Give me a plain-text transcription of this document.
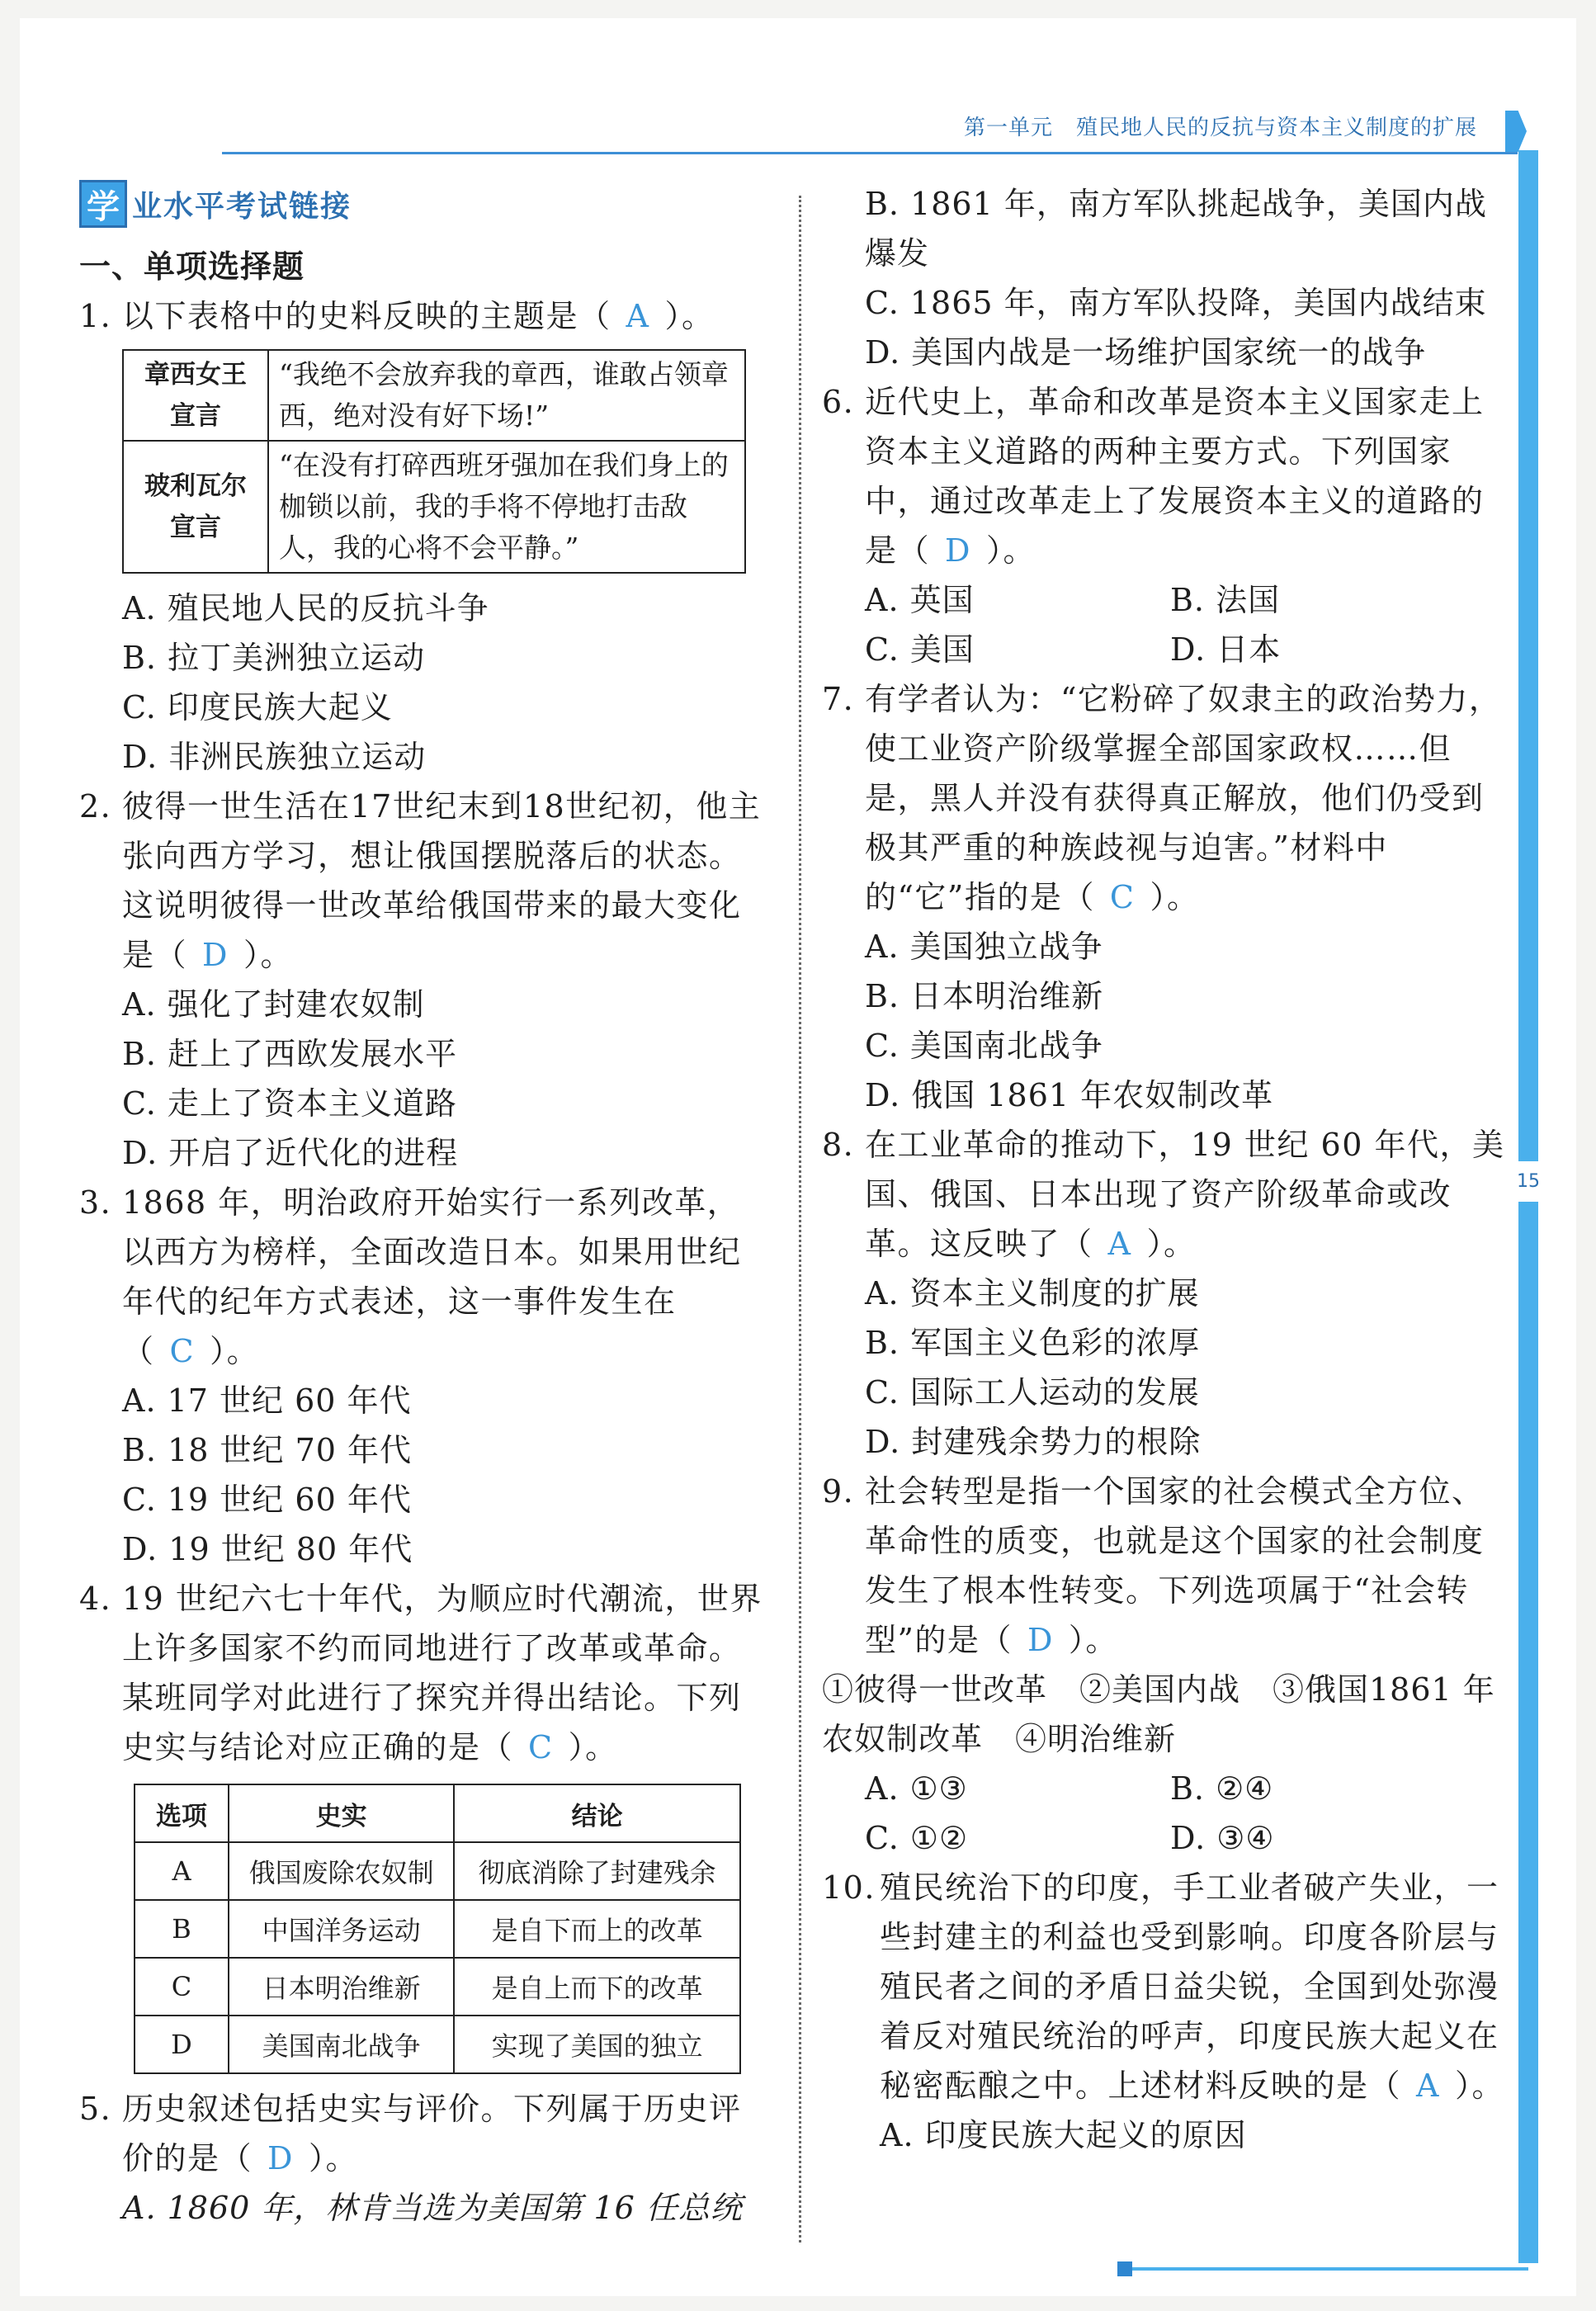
第一单元 殖民地人民的反抗与资本主义制度的扩展
15
学 业水平考试链接
一、单项选择题
1. 以下表格中的史料反映的主题是（ A ）。
章西女王宣言	“我绝不会放弃我的章西，谁敢占领章西，绝对没有好下场!”
玻利瓦尔宣言	“在没有打碎西班牙强加在我们身上的枷锁以前，我的手将不停地打击敌人，我的心将不会平静。”
A. 殖民地人民的反抗斗争
B. 拉丁美洲独立运动
C. 印度民族大起义
D. 非洲民族独立运动
2. 彼得一世生活在17世纪末到18世纪初，他主张向西方学习，想让俄国摆脱落后的状态。这说明彼得一世改革给俄国带来的最大变化是（ D ）。
A. 强化了封建农奴制
B. 赶上了西欧发展水平
C. 走上了资本主义道路
D. 开启了近代化的进程
3. 1868 年，明治政府开始实行一系列改革，以西方为榜样，全面改造日本。如果用世纪年代的纪年方式表述，这一事件发生在（ C ）。
A. 17 世纪 60 年代
B. 18 世纪 70 年代
C. 19 世纪 60 年代
D. 19 世纪 80 年代
4. 19 世纪六七十年代，为顺应时代潮流，世界上许多国家不约而同地进行了改革或革命。某班同学对此进行了探究并得出结论。下列史实与结论对应正确的是（ C ）。
选项	史实	结论
A	俄国废除农奴制	彻底消除了封建残余
B	中国洋务运动	是自下而上的改革
C	日本明治维新	是自上而下的改革
D	美国南北战争	实现了美国的独立
5. 历史叙述包括史实与评价。下列属于历史评价的是（ D ）。
A. 1860 年，林肯当选为美国第 16 任总统
B. 1861 年，南方军队挑起战争，美国内战爆发
C. 1865 年，南方军队投降，美国内战结束
D. 美国内战是一场维护国家统一的战争
6. 近代史上，革命和改革是资本主义国家走上资本主义道路的两种主要方式。下列国家中，通过改革走上了发展资本主义的道路的是（ D ）。
A. 英国	B. 法国
C. 美国	D. 日本
7. 有学者认为：“它粉碎了奴隶主的政治势力，使工业资产阶级掌握全部国家政权……但是，黑人并没有获得真正解放，他们仍受到极其严重的种族歧视与迫害。”材料中的“它”指的是（ C ）。
A. 美国独立战争
B. 日本明治维新
C. 美国南北战争
D. 俄国 1861 年农奴制改革
8. 在工业革命的推动下，19 世纪 60 年代，美国、俄国、日本出现了资产阶级革命或改革。这反映了（ A ）。
A. 资本主义制度的扩展
B. 军国主义色彩的浓厚
C. 国际工人运动的发展
D. 封建残余势力的根除
9. 社会转型是指一个国家的社会模式全方位、革命性的质变，也就是这个国家的社会制度发生了根本性转变。下列选项属于“社会转型”的是（ D ）。
①彼得一世改革　②美国内战　③俄国1861 年农奴制改革　④明治维新
A. ①③	B. ②④
C. ①②	D. ③④
10. 殖民统治下的印度，手工业者破产失业，一些封建主的利益也受到影响。印度各阶层与殖民者之间的矛盾日益尖锐，全国到处弥漫着反对殖民统治的呼声，印度民族大起义在秘密酝酿之中。上述材料反映的是（ A ）。
A. 印度民族大起义的原因
